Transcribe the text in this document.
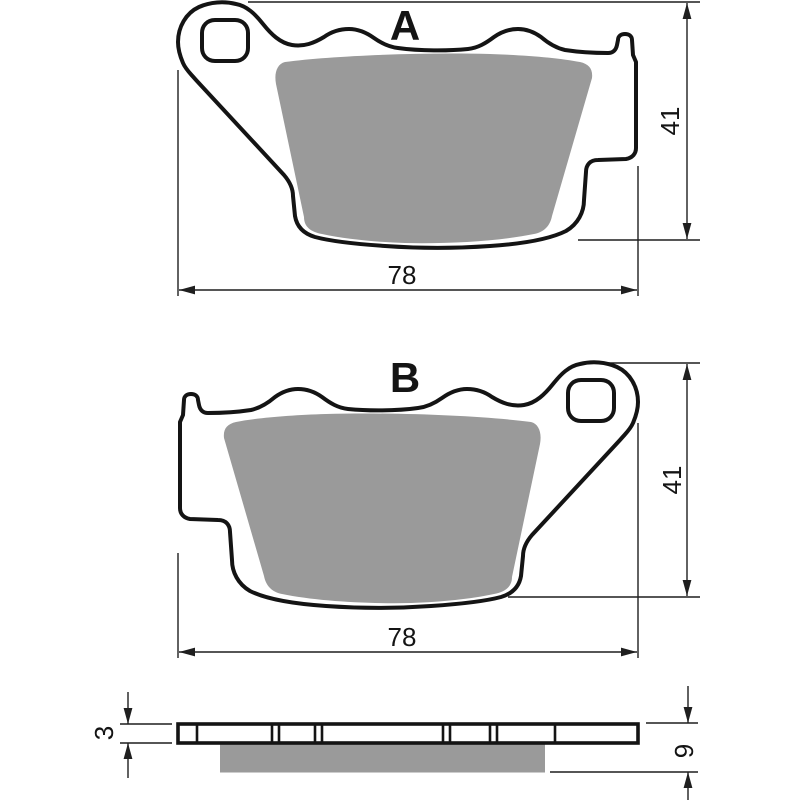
41
78
A
41
78
B
3
9
